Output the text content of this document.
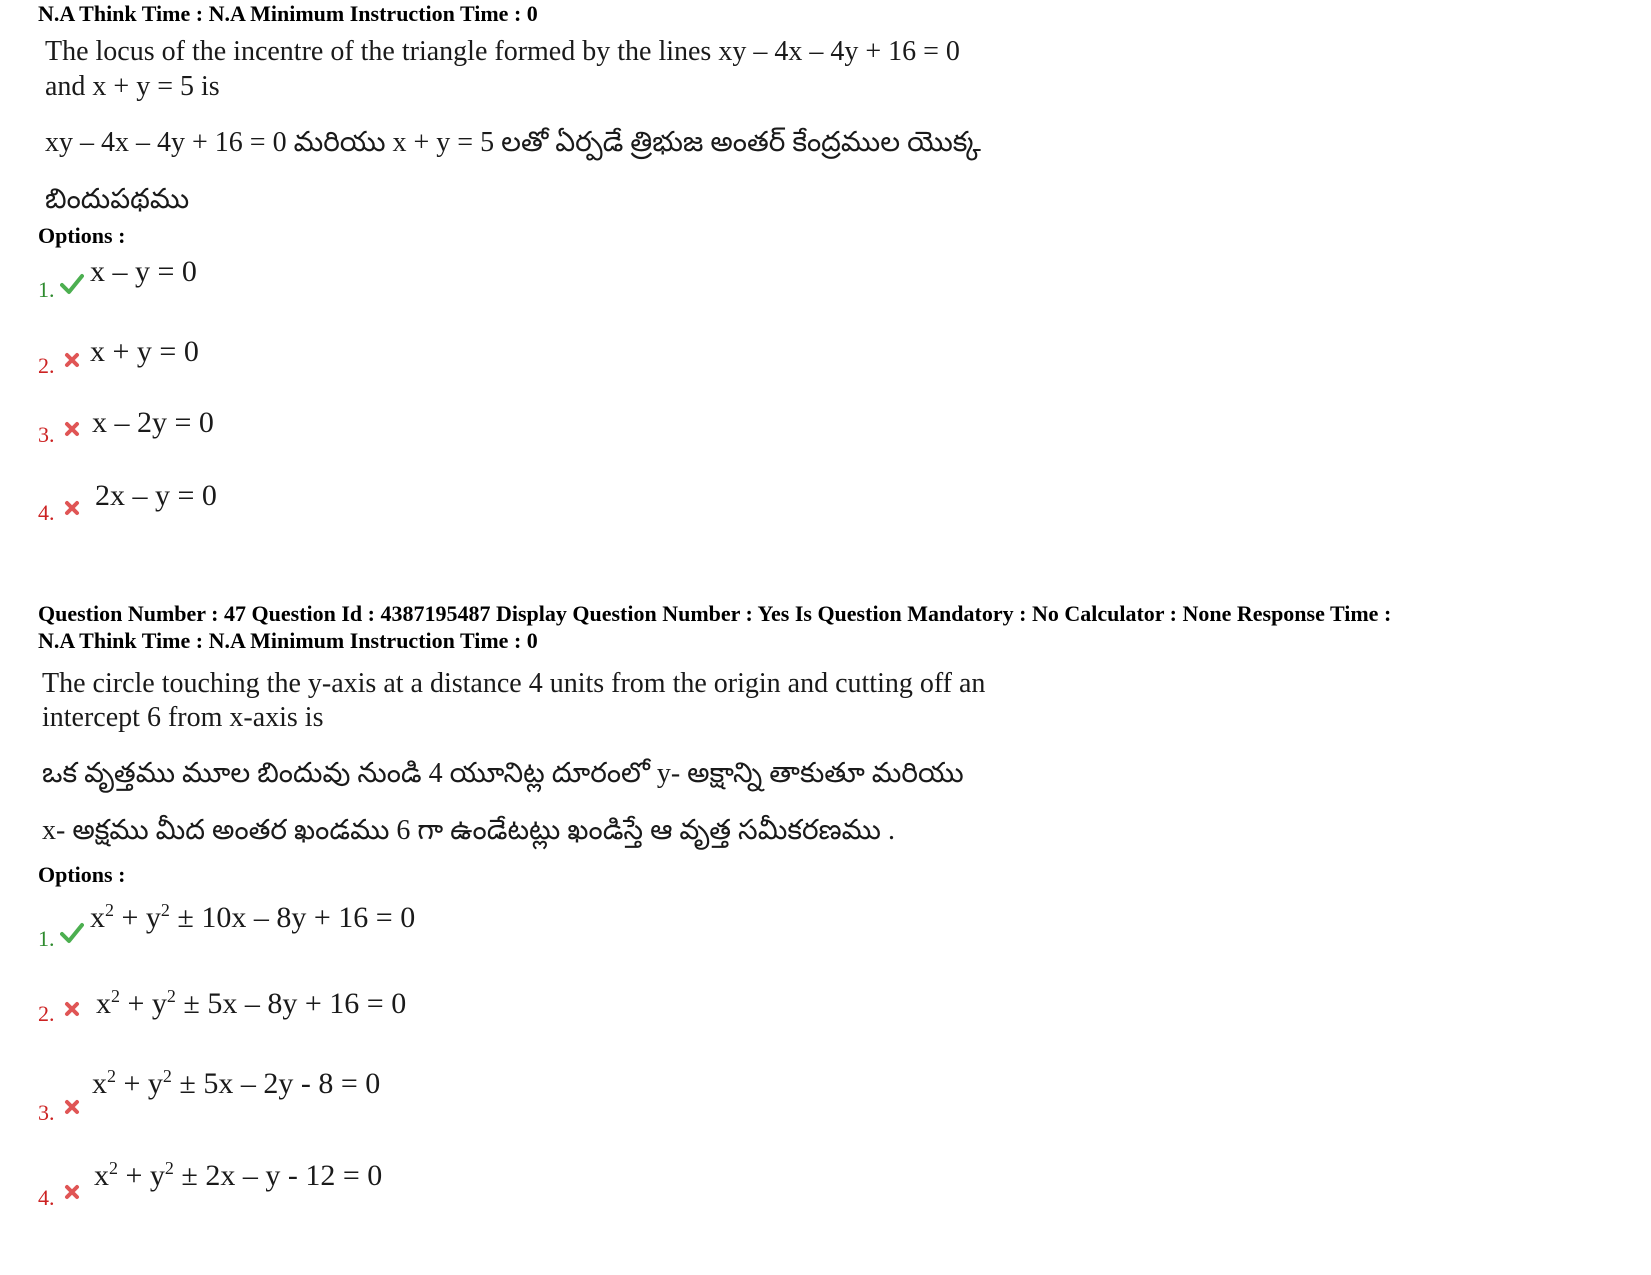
N.A Think Time : N.A Minimum Instruction Time : 0
The locus of the incentre of the triangle formed by the lines xy – 4x – 4y + 16 = 0
and x + y = 5 is
xy – 4x – 4y + 16 = 0 మరియు x + y = 5 లతో ఏర్పడే త్రిభుజ అంతర్ కేంద్రముల యొక్క
బిందుపథము
Options :
1.
x – y = 0
2. x + y = 0
3. x – 2y = 0
4.
2x – y = 0
Question Number : 47 Question Id : 4387195487 Display Question Number : Yes Is Question Mandatory : No Calculator : None Response Time :
N.A Think Time : N.A Minimum Instruction Time : 0
The circle touching the y-axis at a distance 4 units from the origin and cutting off an
intercept 6 from x-axis is
ఒక వృత్తము మూల బిందువు నుండి 4 యూనిట్ల దూరంలో y- అక్షాన్ని తాకుతూ మరియు
x- అక్షము మీద అంతర ఖండము 6 గా ఉండేటట్లు ఖండిస్తే ఆ వృత్త సమీకరణము .
Options :
1.
$x^2 + y^2 \pm 10x - 8y + 16 = 0$
2. $x^2 + y^2 \pm 5x - 8y + 16 = 0$
3.
$x^2 + y^2 \pm 5x - 2y - 8 = 0$
4.
$x^2 + y^2 \pm 2x - y - 12 = 0$
